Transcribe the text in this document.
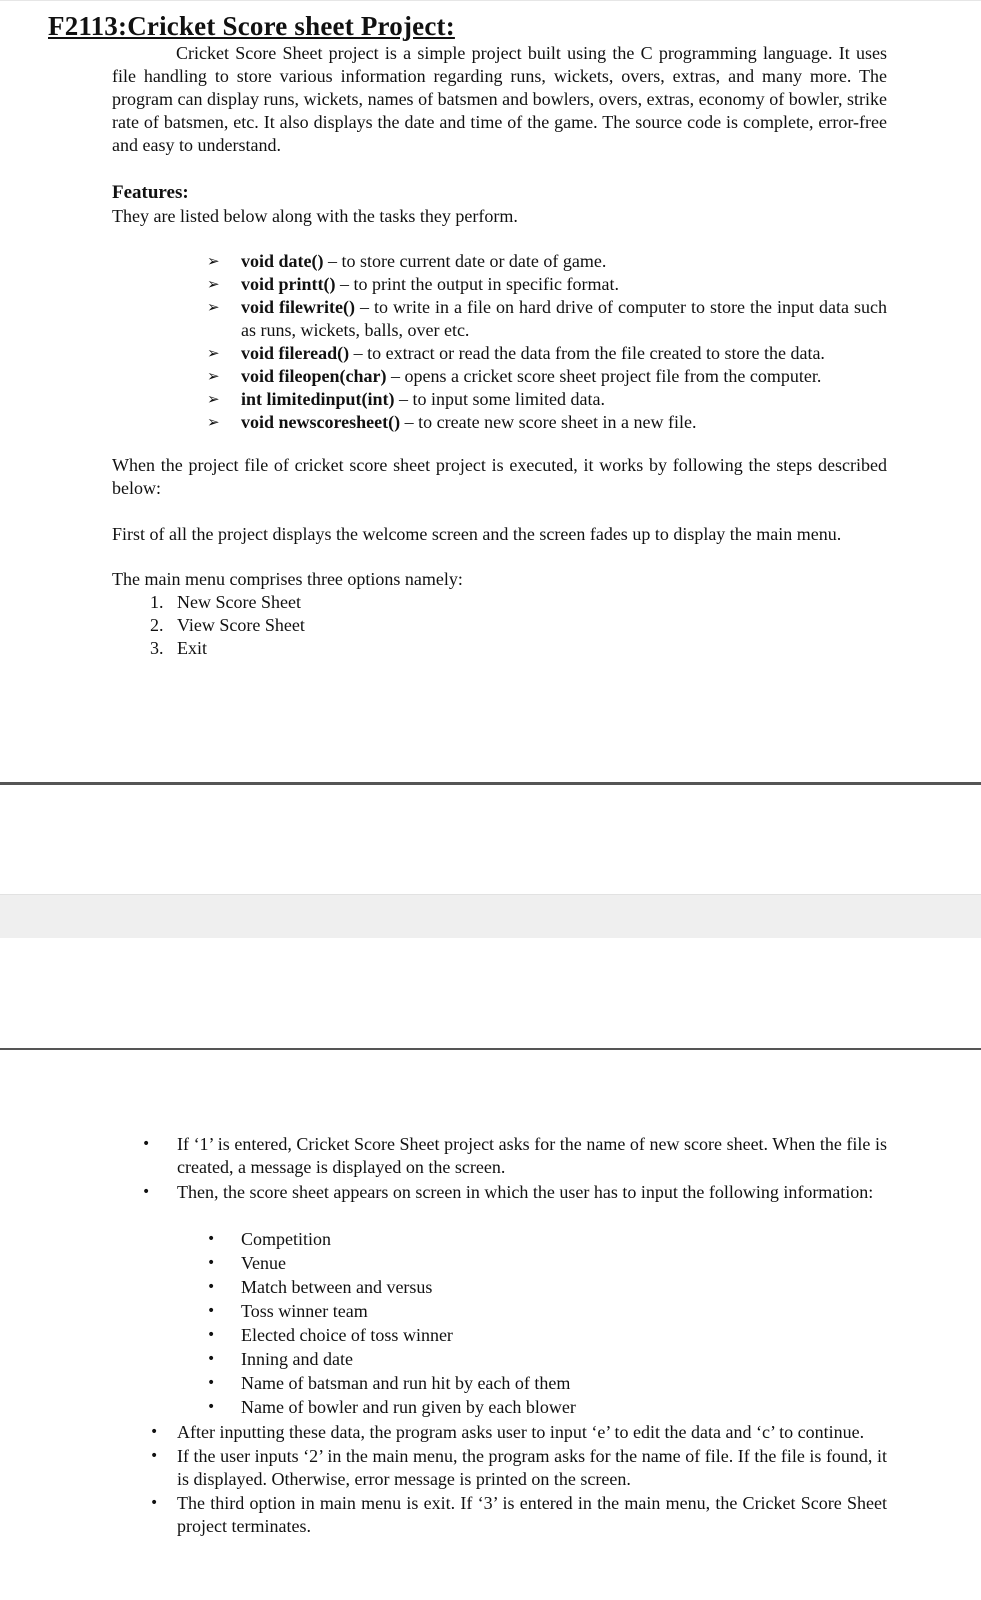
F2113:Cricket Score sheet Project:

Cricket Score Sheet project is a simple project built using the C programming language. It uses file handling to store various information regarding runs, wickets, overs, extras, and many more. The program can display runs, wickets, names of batsmen and bowlers, overs, extras, economy of bowler, strike rate of batsmen, etc. It also displays the date and time of the game. The source code is complete, error-free and easy to understand.

Features:
They are listed below along with the tasks they perform.
➢ void date() – to store current date or date of game.
➢ void printt() – to print the output in specific format.
➢ void filewrite() – to write in a file on hard drive of computer to store the input data such as runs, wickets, balls, over etc.
➢ void fileread() – to extract or read the data from the file created to store the data.
➢ void fileopen(char) – opens a cricket score sheet project file from the computer.
➢ int limitedinput(int) – to input some limited data.
➢ void newscoresheet() – to create new score sheet in a new file.

When the project file of cricket score sheet project is executed, it works by following the steps described below:

First of all the project displays the welcome screen and the screen fades up to display the main menu.

The main menu comprises three options namely:
1. New Score Sheet
2. View Score Sheet
3. Exit
• If ‘1’ is entered, Cricket Score Sheet project asks for the name of new score sheet. When the file is created, a message is displayed on the screen.
• Then, the score sheet appears on screen in which the user has to input the following information:
• Competition
• Venue
• Match between and versus
• Toss winner team
• Elected choice of toss winner
• Inning and date
• Name of batsman and run hit by each of them
• Name of bowler and run given by each blower
• After inputting these data, the program asks user to input ‘e’ to edit the data and ‘c’ to continue.
• If the user inputs ‘2’ in the main menu, the program asks for the name of file. If the file is found, it is displayed. Otherwise, error message is printed on the screen.
• The third option in main menu is exit. If ‘3’ is entered in the main menu, the Cricket Score Sheet project terminates.
